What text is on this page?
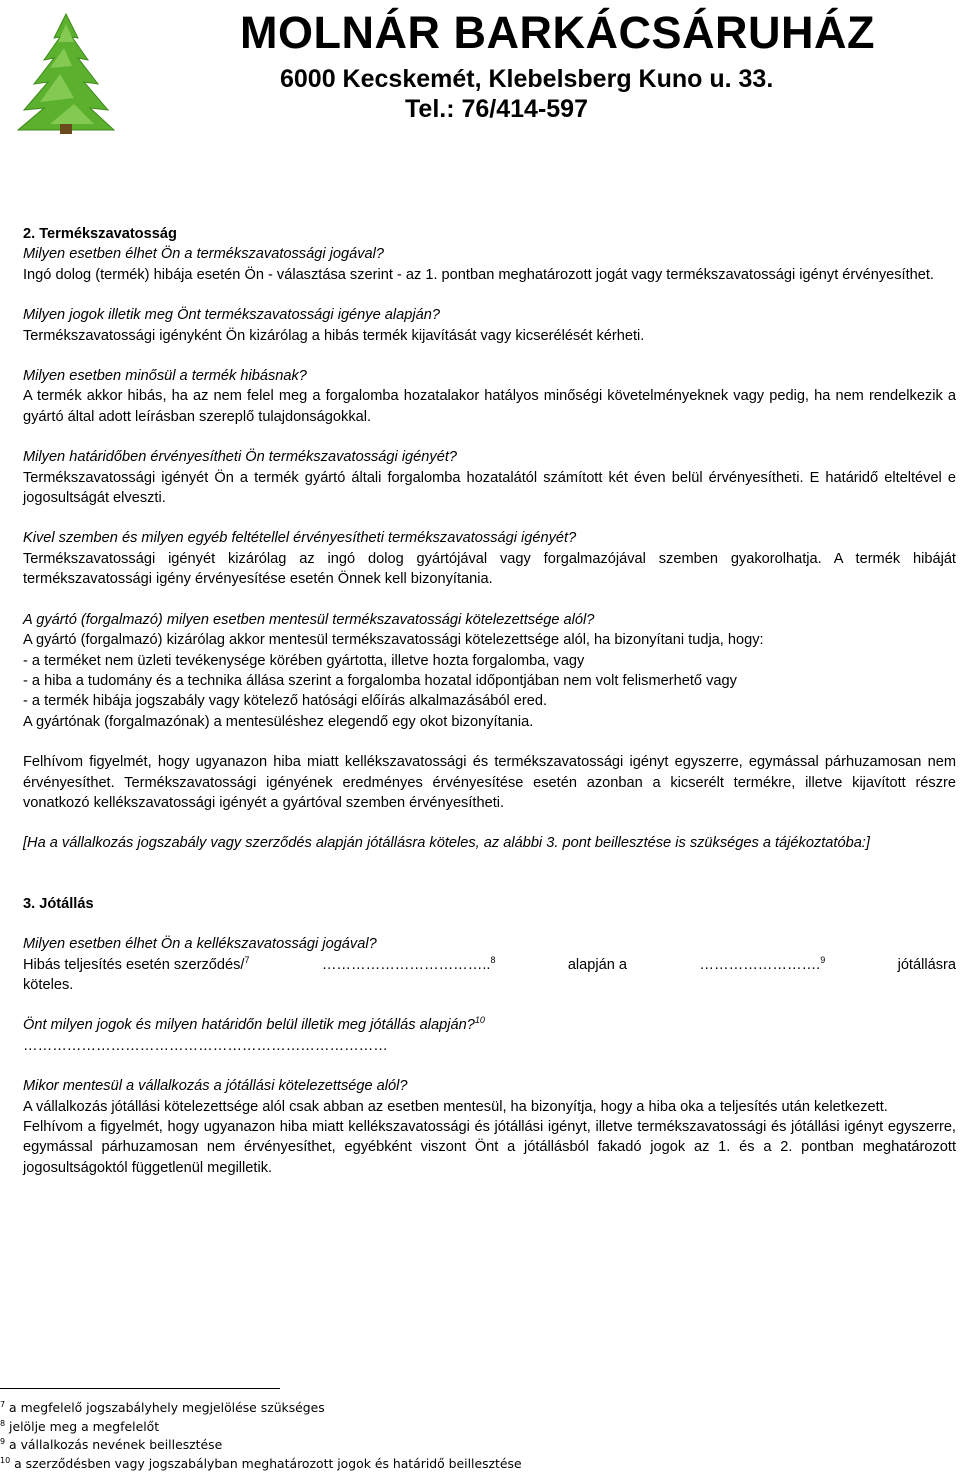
MOLNÁR BARKÁCSÁRUHÁZ
6000 Kecskemét, Klebelsberg Kuno u. 33.
Tel.: 76/414-597

2. Termékszavatosság

Milyen esetben élhet Ön a termékszavatossági jogával?

Ingó dolog (termék) hibája esetén Ön - választása szerint - az 1. pontban meghatározott jogát vagy termékszavatossági igényt érvényesíthet.

Milyen jogok illetik meg Önt termékszavatossági igénye alapján?

Termékszavatossági igényként Ön kizárólag a hibás termék kijavítását vagy kicserélését kérheti.

Milyen esetben minősül a termék hibásnak?

A termék akkor hibás, ha az nem felel meg a forgalomba hozatalakor hatályos minőségi követelményeknek vagy pedig, ha nem rendelkezik a gyártó által adott leírásban szereplő tulajdonságokkal.

Milyen határidőben érvényesítheti Ön termékszavatossági igényét?

Termékszavatossági igényét Ön a termék gyártó általi forgalomba hozatalától számított két éven belül érvényesítheti. E határidő elteltével e jogosultságát elveszti.

Kivel szemben és milyen egyéb feltétellel érvényesítheti termékszavatossági igényét?

Termékszavatossági igényét kizárólag az ingó dolog gyártójával vagy forgalmazójával szemben gyakorolhatja. A termék hibáját termékszavatossági igény érvényesítése esetén Önnek kell bizonyítania.

A gyártó (forgalmazó) milyen esetben mentesül termékszavatossági kötelezettsége alól?

A gyártó (forgalmazó) kizárólag akkor mentesül termékszavatossági kötelezettsége alól, ha bizonyítani tudja, hogy:

- a terméket nem üzleti tevékenysége körében gyártotta, illetve hozta forgalomba, vagy

- a hiba a tudomány és a technika állása szerint a forgalomba hozatal időpontjában nem volt felismerhető vagy

- a termék hibája jogszabály vagy kötelező hatósági előírás alkalmazásából ered.

A gyártónak (forgalmazónak) a mentesüléshez elegendő egy okot bizonyítania.

Felhívom figyelmét, hogy ugyanazon hiba miatt kellékszavatossági és termékszavatossági igényt egyszerre, egymással párhuzamosan nem érvényesíthet. Termékszavatossági igényének eredményes érvényesítése esetén azonban a kicserélt termékre, illetve kijavított részre vonatkozó kellékszavatossági igényét a gyártóval szemben érvényesítheti.

[Ha a vállalkozás jogszabály vagy szerződés alapján jótállásra köteles, az alábbi 3. pont beillesztése is szükséges a tájékoztatóba:]

3. Jótállás

Milyen esetben élhet Ön a kellékszavatossági jogával?

Hibás teljesítés esetén szerződés/$^7$	……………………………..$^8$	alapján a	…………………….$^9$	jótállásra

köteles.

Önt milyen jogok és milyen határidőn belül illetik meg jótállás alapján?$^{10}$

…………………………………………………………………

Mikor mentesül a vállalkozás a jótállási kötelezettsége alól?

A vállalkozás jótállási kötelezettsége alól csak abban az esetben mentesül, ha bizonyítja, hogy a hiba oka a teljesítés után keletkezett.

Felhívom a figyelmét, hogy ugyanazon hiba miatt kellékszavatossági és jótállási igényt, illetve termékszavatossági és jótállási igényt egyszerre, egymással párhuzamosan nem érvényesíthet, egyébként viszont Önt a jótállásból fakadó jogok az 1. és a 2. pontban meghatározott jogosultságoktól függetlenül megilletik.

$^7$ a megfelelő jogszabályhely megjelölése szükséges
$^8$ jelölje meg a megfelelőt
$^9$ a vállalkozás nevének beillesztése
$^{10}$ a szerződésben vagy jogszabályban meghatározott jogok és határidő beillesztése
